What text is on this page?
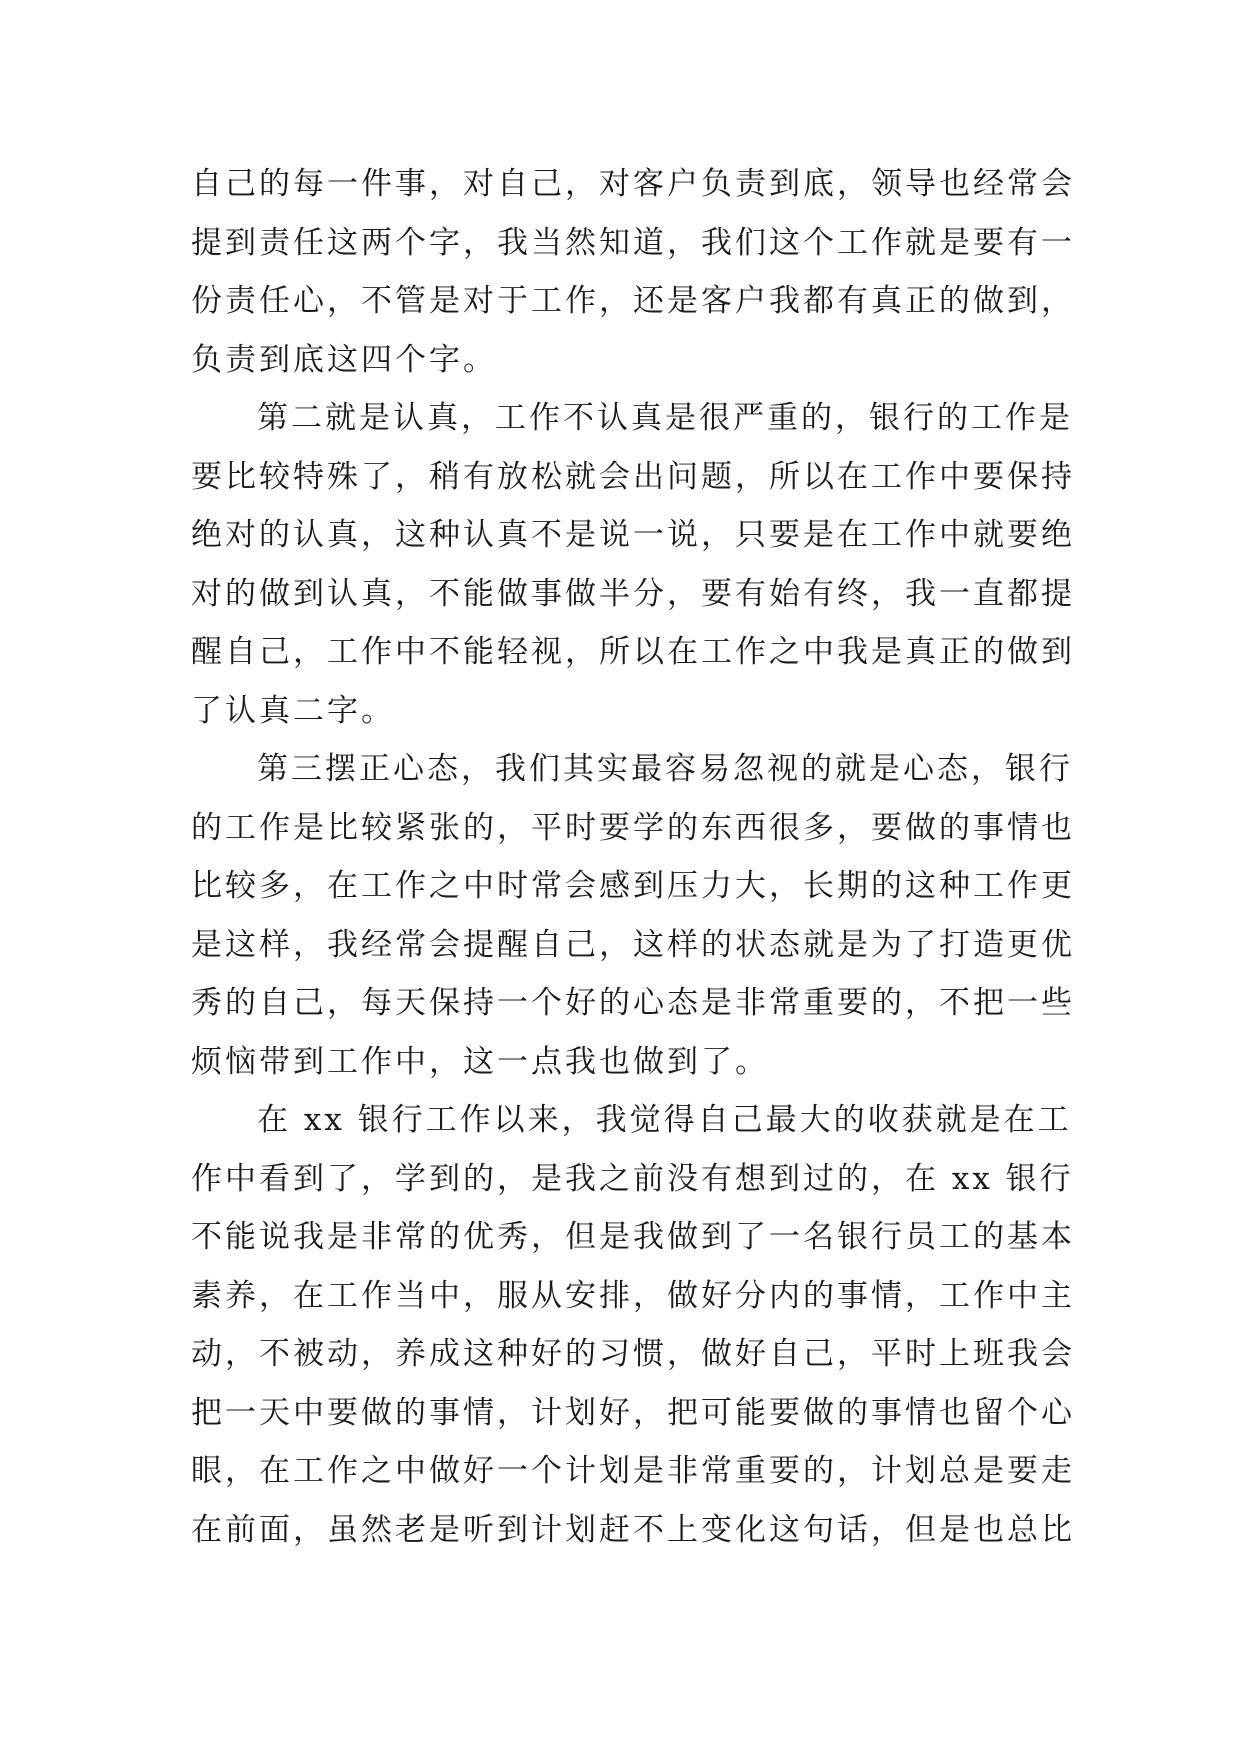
自己的每一件事，对自己，对客户负责到底，领导也经常会
提到责任这两个字，我当然知道，我们这个工作就是要有一
份责任心，不管是对于工作，还是客户我都有真正的做到，
负责到底这四个字。
第二就是认真，工作不认真是很严重的，银行的工作是
要比较特殊了，稍有放松就会出问题，所以在工作中要保持
绝对的认真，这种认真不是说一说，只要是在工作中就要绝
对的做到认真，不能做事做半分，要有始有终，我一直都提
醒自己，工作中不能轻视，所以在工作之中我是真正的做到
了认真二字。
第三摆正心态，我们其实最容易忽视的就是心态，银行
的工作是比较紧张的，平时要学的东西很多，要做的事情也
比较多，在工作之中时常会感到压力大，长期的这种工作更
是这样，我经常会提醒自己，这样的状态就是为了打造更优
秀的自己，每天保持一个好的心态是非常重要的，不把一些
烦恼带到工作中，这一点我也做到了。
在 xx 银行工作以来，我觉得自己最大的收获就是在工
作中看到了，学到的，是我之前没有想到过的，在 xx 银行
不能说我是非常的优秀，但是我做到了一名银行员工的基本
素养，在工作当中，服从安排，做好分内的事情，工作中主
动，不被动，养成这种好的习惯，做好自己，平时上班我会
把一天中要做的事情，计划好，把可能要做的事情也留个心
眼，在工作之中做好一个计划是非常重要的，计划总是要走
在前面，虽然老是听到计划赶不上变化这句话，但是也总比
